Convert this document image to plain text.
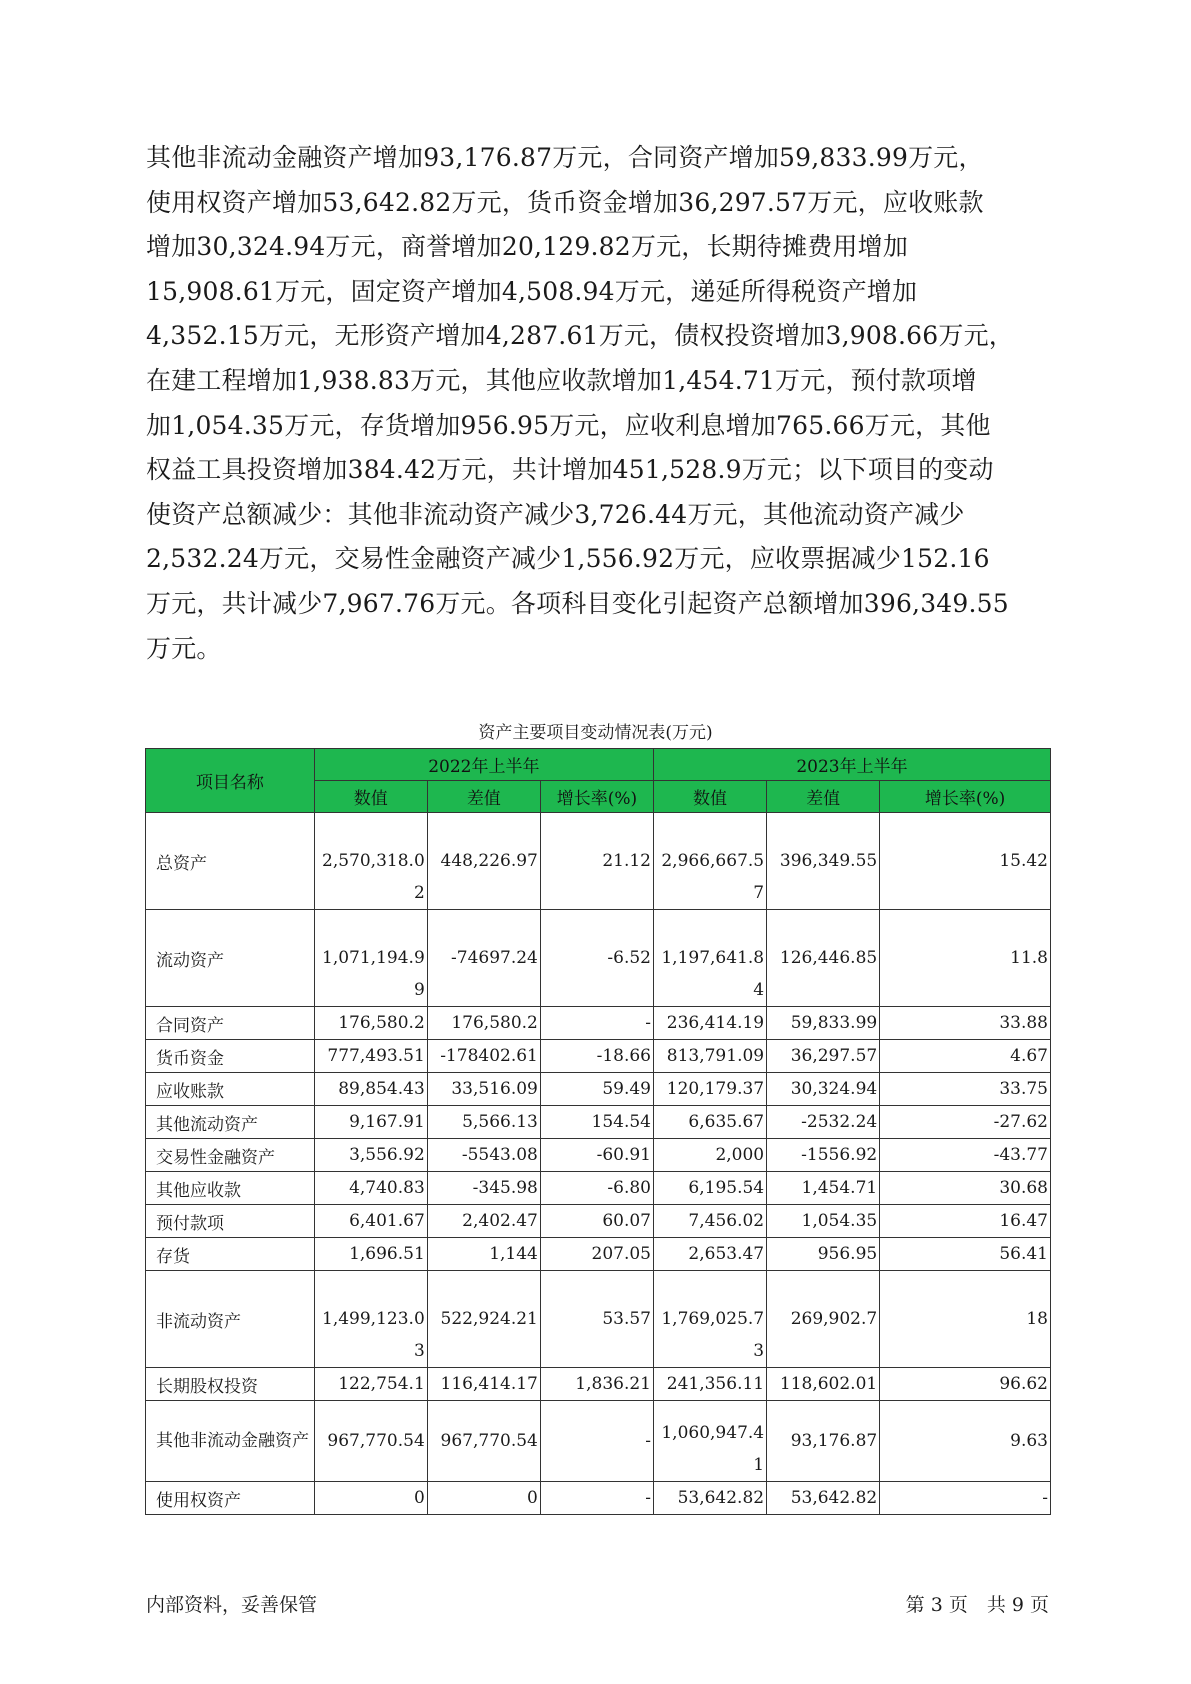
其他非流动金融资产增加93,176.87万元，合同资产增加59,833.99万元，
使用权资产增加53,642.82万元，货币资金增加36,297.57万元，应收账款
增加30,324.94万元，商誉增加20,129.82万元，长期待摊费用增加
15,908.61万元，固定资产增加4,508.94万元，递延所得税资产增加
4,352.15万元，无形资产增加4,287.61万元，债权投资增加3,908.66万元，
在建工程增加1,938.83万元，其他应收款增加1,454.71万元，预付款项增
加1,054.35万元，存货增加956.95万元，应收利息增加765.66万元，其他
权益工具投资增加384.42万元，共计增加451,528.9万元；以下项目的变动
使资产总额减少：其他非流动资产减少3,726.44万元，其他流动资产减少
2,532.24万元，交易性金融资产减少1,556.92万元，应收票据减少152.16
万元，共计减少7,967.76万元。各项科目变化引起资产总额增加396,349.55
万元。
资产主要项目变动情况表(万元)
项目名称	2022年上半年			2023年上半年		
	数值	差值	增长率(%)	数值	差值	增长率(%)
总资产	2,570,318.02	448,226.97	21.12	2,966,667.57	396,349.55	15.42
流动资产	1,071,194.99	-74697.24	-6.52	1,197,641.84	126,446.85	11.8
合同资产	176,580.2	176,580.2	-	236,414.19	59,833.99	33.88
货币资金	777,493.51	-178402.61	-18.66	813,791.09	36,297.57	4.67
应收账款	89,854.43	33,516.09	59.49	120,179.37	30,324.94	33.75
其他流动资产	9,167.91	5,566.13	154.54	6,635.67	-2532.24	-27.62
交易性金融资产	3,556.92	-5543.08	-60.91	2,000	-1556.92	-43.77
其他应收款	4,740.83	-345.98	-6.80	6,195.54	1,454.71	30.68
预付款项	6,401.67	2,402.47	60.07	7,456.02	1,054.35	16.47
存货	1,696.51	1,144	207.05	2,653.47	956.95	56.41
非流动资产	1,499,123.03	522,924.21	53.57	1,769,025.73	269,902.7	18
长期股权投资	122,754.1	116,414.17	1,836.21	241,356.11	118,602.01	96.62
其他非流动金融资产	967,770.54	967,770.54	-	1,060,947.41	93,176.87	9.63
使用权资产	0	0	-	53,642.82	53,642.82	-
内部资料，妥善保管	第 3 页　共 9 页
